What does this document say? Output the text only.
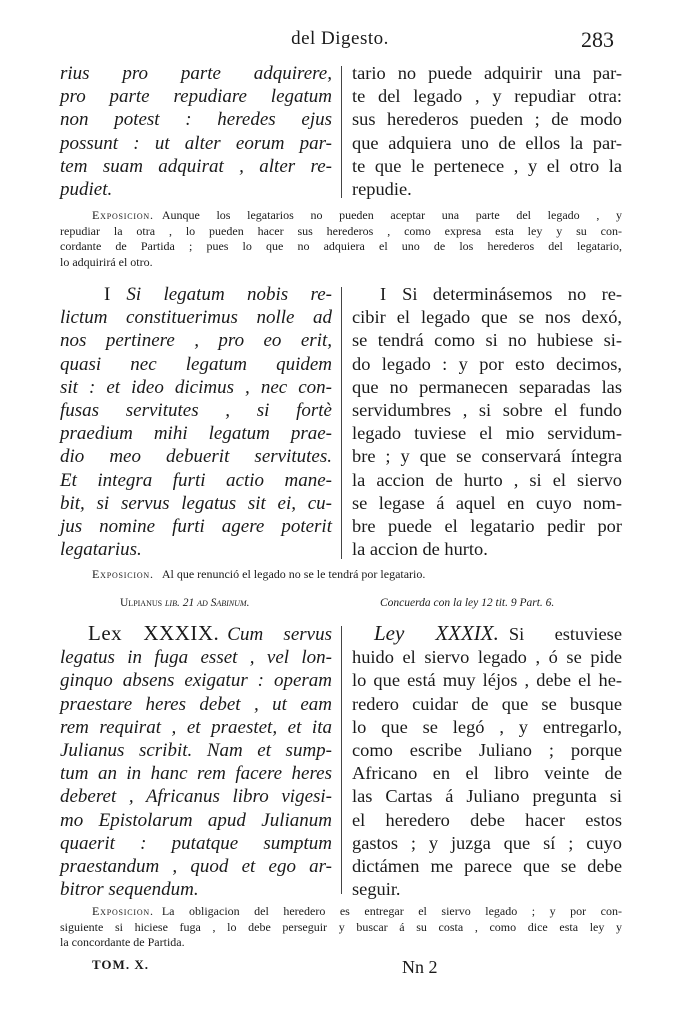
del Digesto.	283
rius pro parte adquirere,
pro parte repudiare legatum
non potest : heredes ejus
possunt : ut alter eorum par-
tem suam adquirat , alter re-
pudiet.
tario no puede adquirir una par-
te del legado , y repudiar otra:
sus herederos pueden ; de modo
que adquiera uno de ellos la par-
te que le pertenece , y el otro la
repudie.
Exposicion. Aunque los legatarios no pueden aceptar una parte del legado , y
repudiar la otra , lo pueden hacer sus herederos , como expresa esta ley y su con-
cordante de Partida ; pues lo que no adquiera el uno de los herederos del legatario,
lo adquirirá el otro.
I Si legatum nobis re-
lictum constituerimus nolle ad
nos pertinere , pro eo erit,
quasi nec legatum quidem
sit : et ideo dicimus , nec con-
fusas servitutes , si fortè
praedium mihi legatum prae-
dio meo debuerit servitutes.
Et integra furti actio mane-
bit, si servus legatus sit ei, cu-
jus nomine furti agere poterit
legatarius.
I Si determinásemos no re-
cibir el legado que se nos dexó,
se tendrá como si no hubiese si-
do legado : y por esto decimos,
que no permanecen separadas las
servidumbres , si sobre el fundo
legado tuviese el mio servidum-
bre ; y que se conservará íntegra
la accion de hurto , si el siervo
se legase á aquel en cuyo nom-
bre puede el legatario pedir por
la accion de hurto.
Exposicion. Al que renunció el legado no se le tendrá por legatario.
Ulpianus lib. 21 ad Sabinum.	Concuerda con la ley 12 tit. 9 Part. 6.
Lex XXXIX. Cum servus
legatus in fuga esset , vel lon-
ginquo absens exigatur : operam
praestare heres debet , ut eam
rem requirat , et praestet, et ita
Julianus scribit. Nam et sump-
tum an in hanc rem facere heres
deberet , Africanus libro vigesi-
mo Epistolarum apud Julianum
quaerit : putatque sumptum
praestandum , quod et ego ar-
bitror sequendum.
Ley XXXIX. Si estuviese
huido el siervo legado , ó se pide
lo que está muy léjos , debe el he-
redero cuidar de que se busque
lo que se legó , y entregarlo,
como escribe Juliano ; porque
Africano en el libro veinte de
las Cartas á Juliano pregunta si
el heredero debe hacer estos
gastos ; y juzga que sí ; cuyo
dictámen me parece que se debe
seguir.
Exposicion. La obligacion del heredero es entregar el siervo legado ; y por con-
siguiente si hiciese fuga , lo debe perseguir y buscar á su costa , como dice esta ley y
la concordante de Partida.
TOM. X.	Nn 2
